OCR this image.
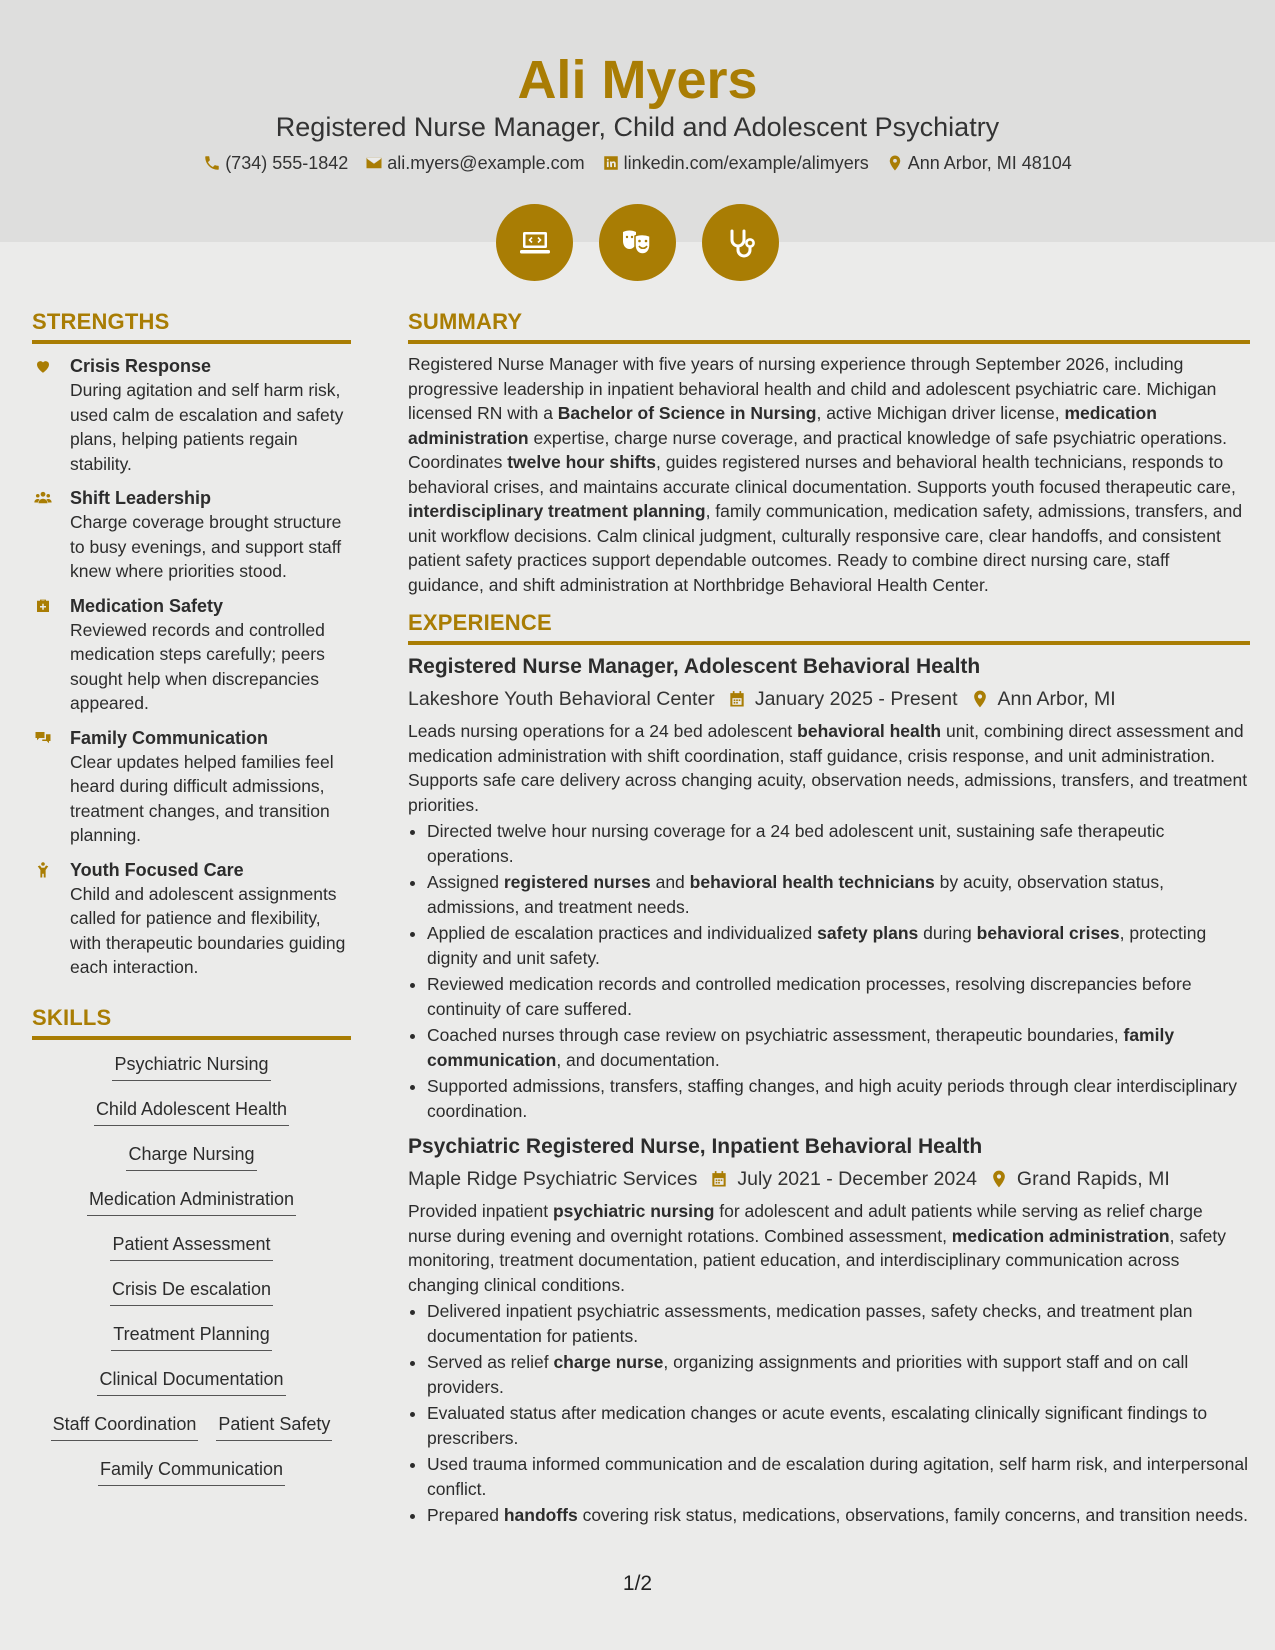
Ali Myers
Registered Nurse Manager, Child and Adolescent Psychiatry
(734) 555-1842 ali.myers@example.com linkedin.com/example/alimyers Ann Arbor, MI 48104
STRENGTHS
Crisis Response
During agitation and self harm risk, used calm de escalation and safety plans, helping patients regain stability.
Shift Leadership
Charge coverage brought structure to busy evenings, and support staff knew where priorities stood.
Medication Safety
Reviewed records and controlled medication steps carefully; peers sought help when discrepancies appeared.
Family Communication
Clear updates helped families feel heard during difficult admissions, treatment changes, and transition planning.
Youth Focused Care
Child and adolescent assignments called for patience and flexibility, with therapeutic boundaries guiding each interaction.
SKILLS
Psychiatric Nursing
Child Adolescent Health
Charge Nursing
Medication Administration
Patient Assessment
Crisis De escalation
Treatment Planning
Clinical Documentation
Staff Coordination Patient Safety
Family Communication
SUMMARY
Registered Nurse Manager with five years of nursing experience through September 2026, including progressive leadership in inpatient behavioral health and child and adolescent psychiatric care. Michigan licensed RN with a Bachelor of Science in Nursing, active Michigan driver license, medication administration expertise, charge nurse coverage, and practical knowledge of safe psychiatric operations. Coordinates twelve hour shifts, guides registered nurses and behavioral health technicians, responds to behavioral crises, and maintains accurate clinical documentation. Supports youth focused therapeutic care, interdisciplinary treatment planning, family communication, medication safety, admissions, transfers, and unit workflow decisions. Calm clinical judgment, culturally responsive care, clear handoffs, and consistent patient safety practices support dependable outcomes. Ready to combine direct nursing care, staff guidance, and shift administration at Northbridge Behavioral Health Center.
EXPERIENCE
Registered Nurse Manager, Adolescent Behavioral Health
Lakeshore Youth Behavioral Center January 2025 - Present Ann Arbor, MI
Leads nursing operations for a 24 bed adolescent behavioral health unit, combining direct assessment and medication administration with shift coordination, staff guidance, crisis response, and unit administration. Supports safe care delivery across changing acuity, observation needs, admissions, transfers, and treatment priorities.
• Directed twelve hour nursing coverage for a 24 bed adolescent unit, sustaining safe therapeutic operations.
• Assigned registered nurses and behavioral health technicians by acuity, observation status, admissions, and treatment needs.
• Applied de escalation practices and individualized safety plans during behavioral crises, protecting dignity and unit safety.
• Reviewed medication records and controlled medication processes, resolving discrepancies before continuity of care suffered.
• Coached nurses through case review on psychiatric assessment, therapeutic boundaries, family communication, and documentation.
• Supported admissions, transfers, staffing changes, and high acuity periods through clear interdisciplinary coordination.
Psychiatric Registered Nurse, Inpatient Behavioral Health
Maple Ridge Psychiatric Services July 2021 - December 2024 Grand Rapids, MI
Provided inpatient psychiatric nursing for adolescent and adult patients while serving as relief charge nurse during evening and overnight rotations. Combined assessment, medication administration, safety monitoring, treatment documentation, patient education, and interdisciplinary communication across changing clinical conditions.
• Delivered inpatient psychiatric assessments, medication passes, safety checks, and treatment plan documentation for patients.
• Served as relief charge nurse, organizing assignments and priorities with support staff and on call providers.
• Evaluated status after medication changes or acute events, escalating clinically significant findings to prescribers.
• Used trauma informed communication and de escalation during agitation, self harm risk, and interpersonal conflict.
• Prepared handoffs covering risk status, medications, observations, family concerns, and transition needs.
1/2
